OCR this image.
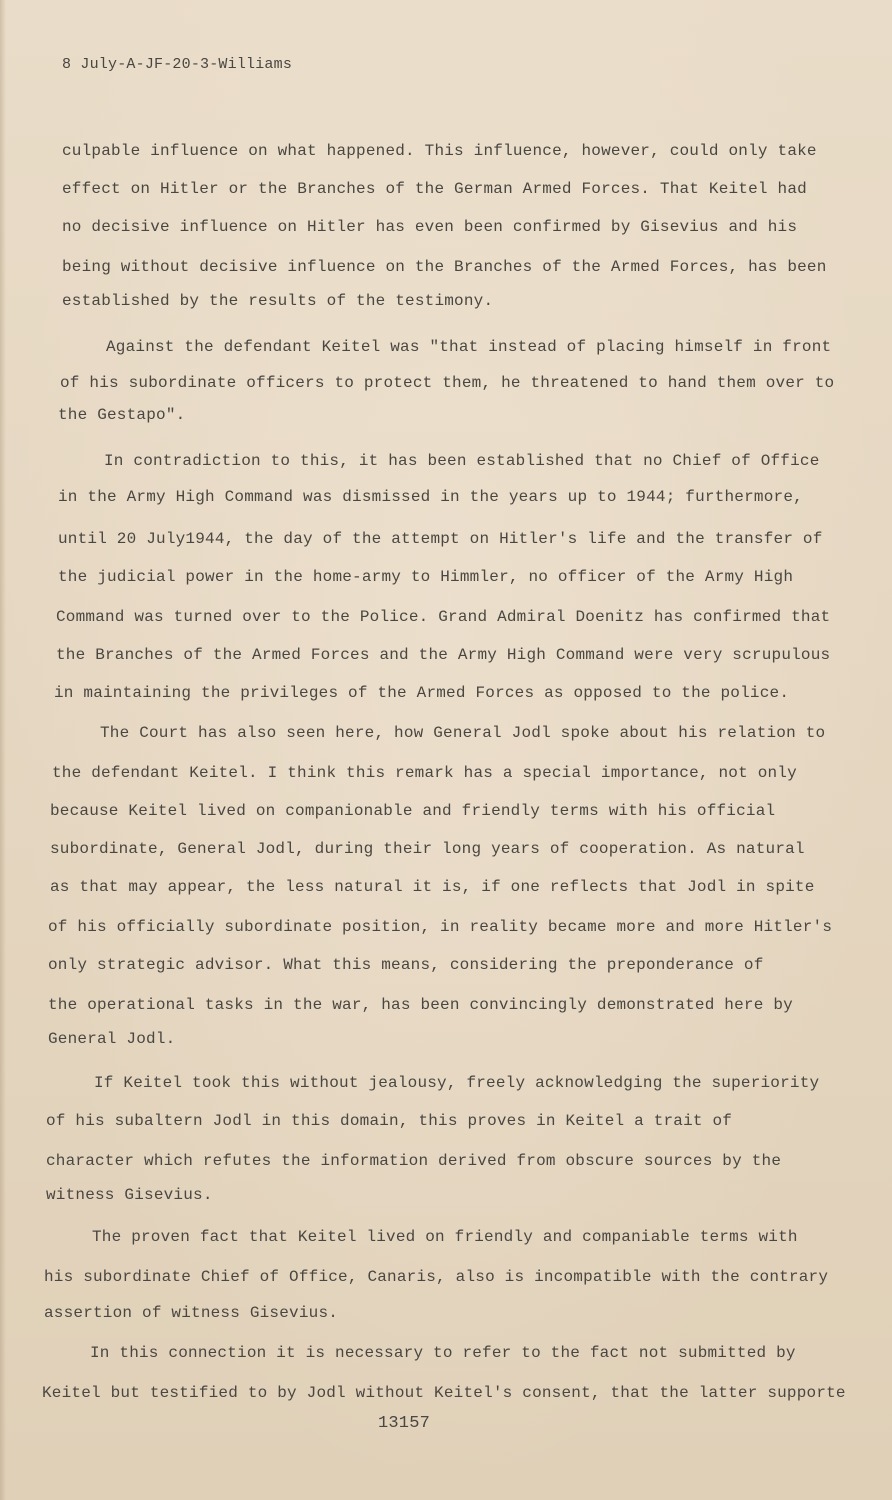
8 July-A-JF-20-3-Williams
culpable influence on what happened. This influence, however, could only take
effect on Hitler or the Branches of the German Armed Forces. That Keitel had
no decisive influence on Hitler has even been confirmed by Gisevius and his
being without decisive influence on the Branches of the Armed Forces, has been
established by the results of the testimony.
Against the defendant Keitel was "that instead of placing himself in front
of his subordinate officers to protect them, he threatened to hand them over to
the Gestapo".
In contradiction to this, it has been established that no Chief of Office
in the Army High Command was dismissed in the years up to 1944; furthermore,
until 20 July1944, the day of the attempt on Hitler's life and the transfer of
the judicial power in the home-army to Himmler, no officer of the Army High
Command was turned over to the Police. Grand Admiral Doenitz has confirmed that
the Branches of the Armed Forces and the Army High Command were very scrupulous
in maintaining the privileges of the Armed Forces as opposed to the police.
The Court has also seen here, how General Jodl spoke about his relation to
the defendant Keitel. I think this remark has a special importance, not only
because Keitel lived on companionable and friendly terms with his official
subordinate, General Jodl, during their long years of cooperation. As natural
as that may appear, the less natural it is, if one reflects that Jodl in spite
of his officially subordinate position, in reality became more and more Hitler's
only strategic advisor. What this means, considering the preponderance of
the operational tasks in the war, has been convincingly demonstrated here by
General Jodl.
If Keitel took this without jealousy, freely acknowledging the superiority
of his subaltern Jodl in this domain, this proves in Keitel a trait of
character which refutes the information derived from obscure sources by the
witness Gisevius.
The proven fact that Keitel lived on friendly and companiable terms with
his subordinate Chief of Office, Canaris, also is incompatible with the contrary
assertion of witness Gisevius.
In this connection it is necessary to refer to the fact not submitted by
Keitel but testified to by Jodl without Keitel's consent, that the latter supporte
13157
